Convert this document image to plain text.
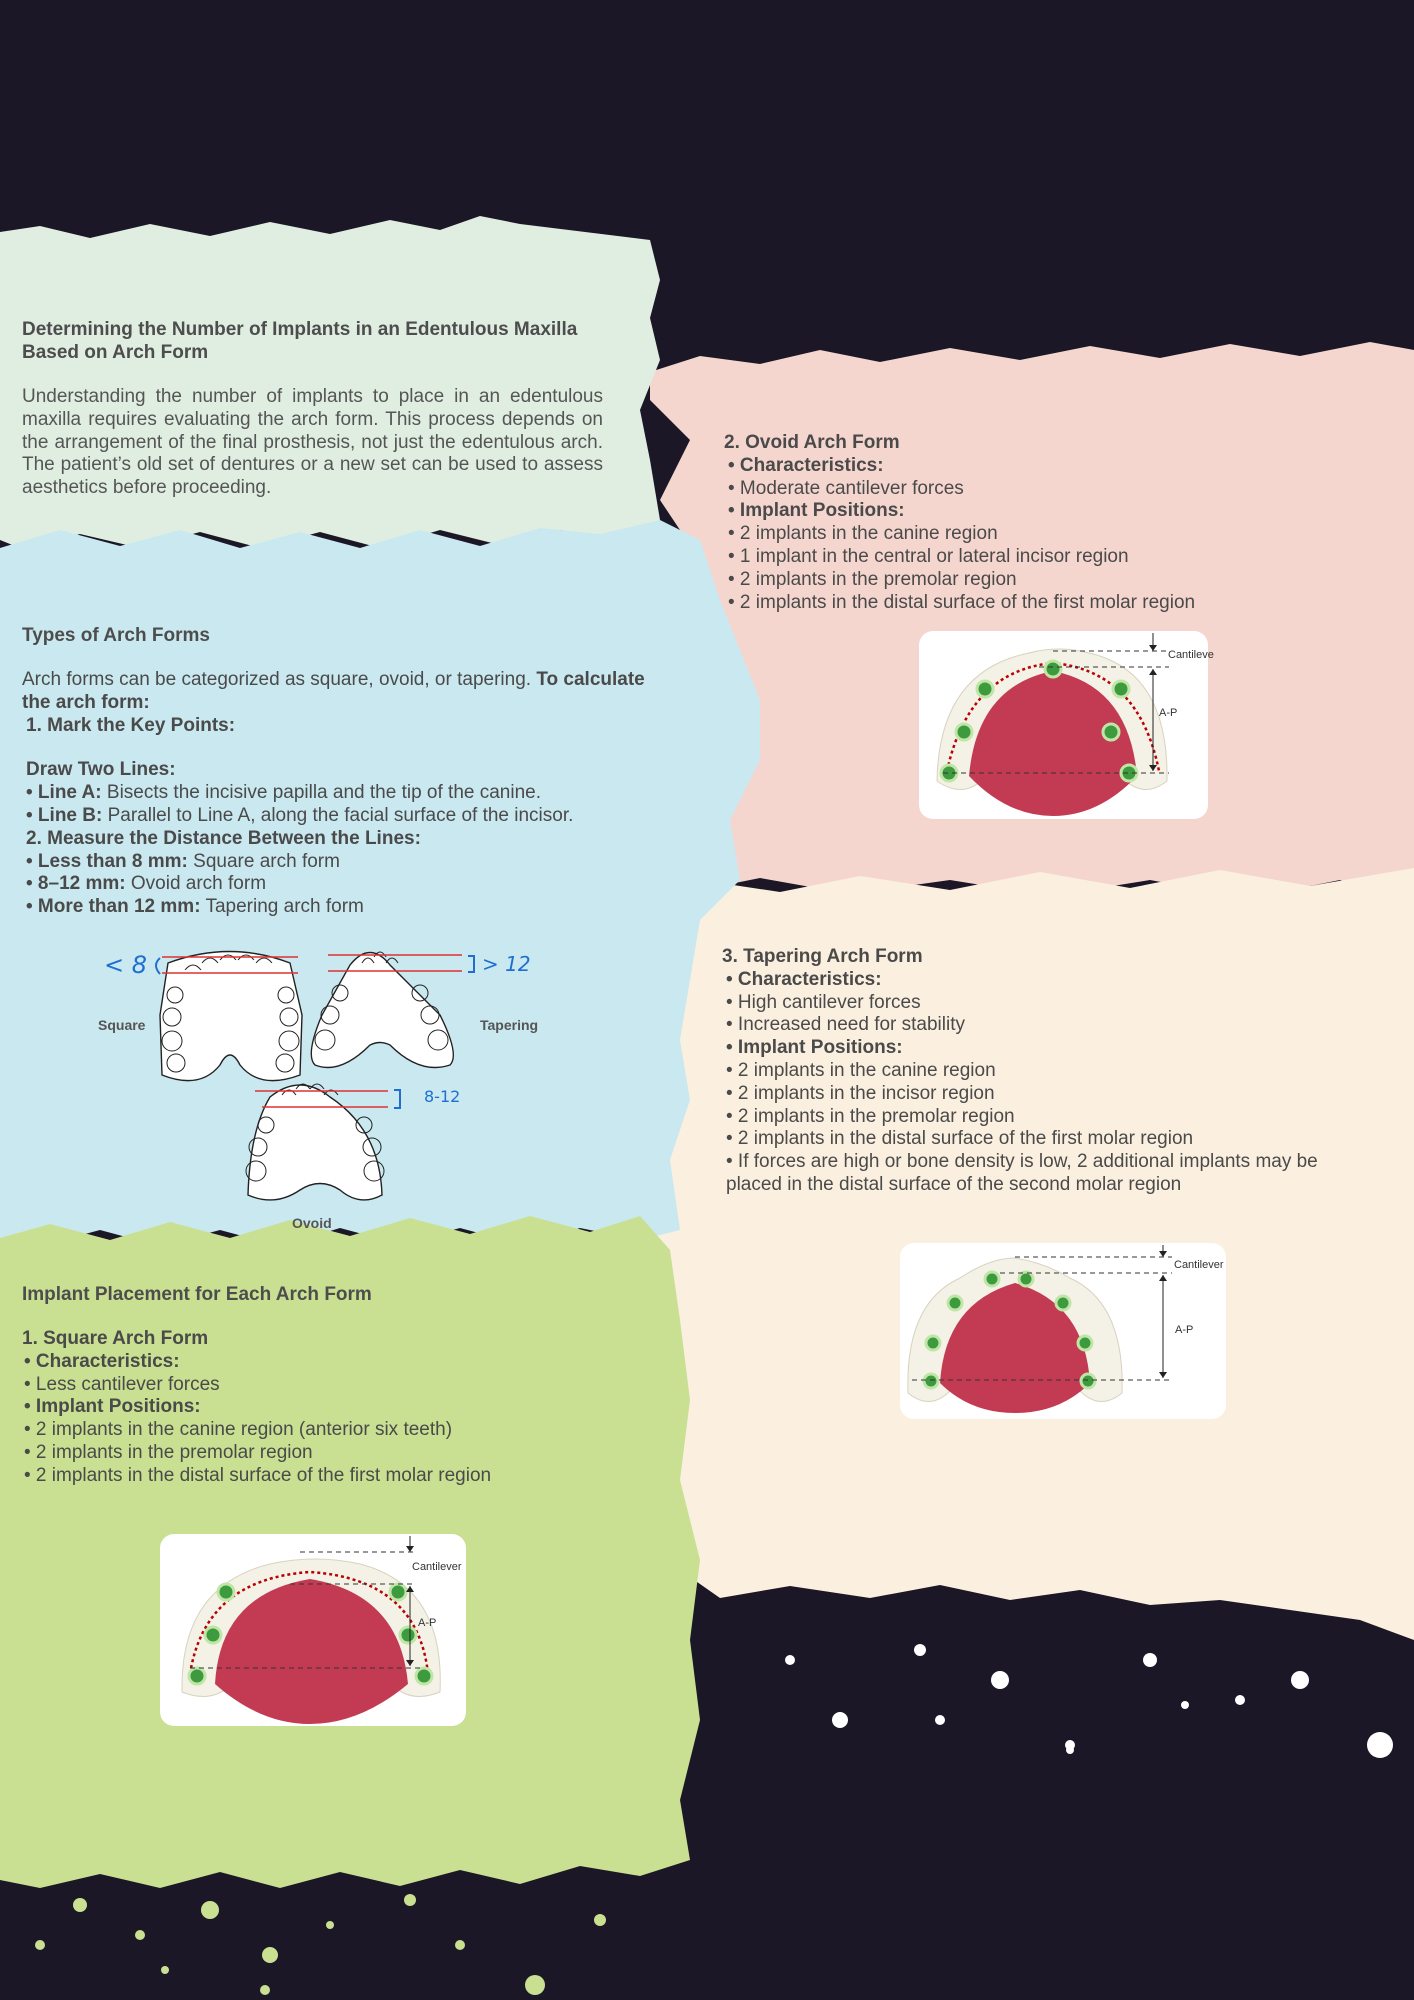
Determining the Number of Implants in an Edentulous Maxilla Based on Arch Form

Understanding the number of implants to place in an edentulous maxilla requires evaluating the arch form. This process depends on the arrangement of the final prosthesis, not just the edentulous arch. The patient’s old set of dentures or a new set can be used to assess aesthetics before proceeding.

Types of Arch Forms

Arch forms can be categorized as square, ovoid, or tapering. To calculate the arch form:

1. Mark the Key Points:

Draw Two Lines:

• Line A: Bisects the incisive papilla and the tip of the canine.

• Line B: Parallel to Line A, along the facial surface of the incisor.

2. Measure the Distance Between the Lines:

• Less than 8 mm: Square arch form

• 8–12 mm: Ovoid arch form

• More than 12 mm: Tapering arch form

< 8
Square
> 12
Tapering
8-12
Ovoid

Implant Placement for Each Arch Form

1. Square Arch Form

• Characteristics:

• Less cantilever forces

• Implant Positions:

• 2 implants in the canine region (anterior six teeth)

• 2 implants in the premolar region

• 2 implants in the distal surface of the first molar region

Cantilever
A-P

2. Ovoid Arch Form

• Characteristics:

• Moderate cantilever forces

• Implant Positions:

• 2 implants in the canine region

• 1 implant in the central or lateral incisor region

• 2 implants in the premolar region

• 2 implants in the distal surface of the first molar region

Cantileve
A-P

3. Tapering Arch Form

• Characteristics:

• High cantilever forces

• Increased need for stability

• Implant Positions:

• 2 implants in the canine region

• 2 implants in the incisor region

• 2 implants in the premolar region

• 2 implants in the distal surface of the first molar region

• If forces are high or bone density is low, 2 additional implants may be placed in the distal surface of the second molar region

Cantilever
A-P
